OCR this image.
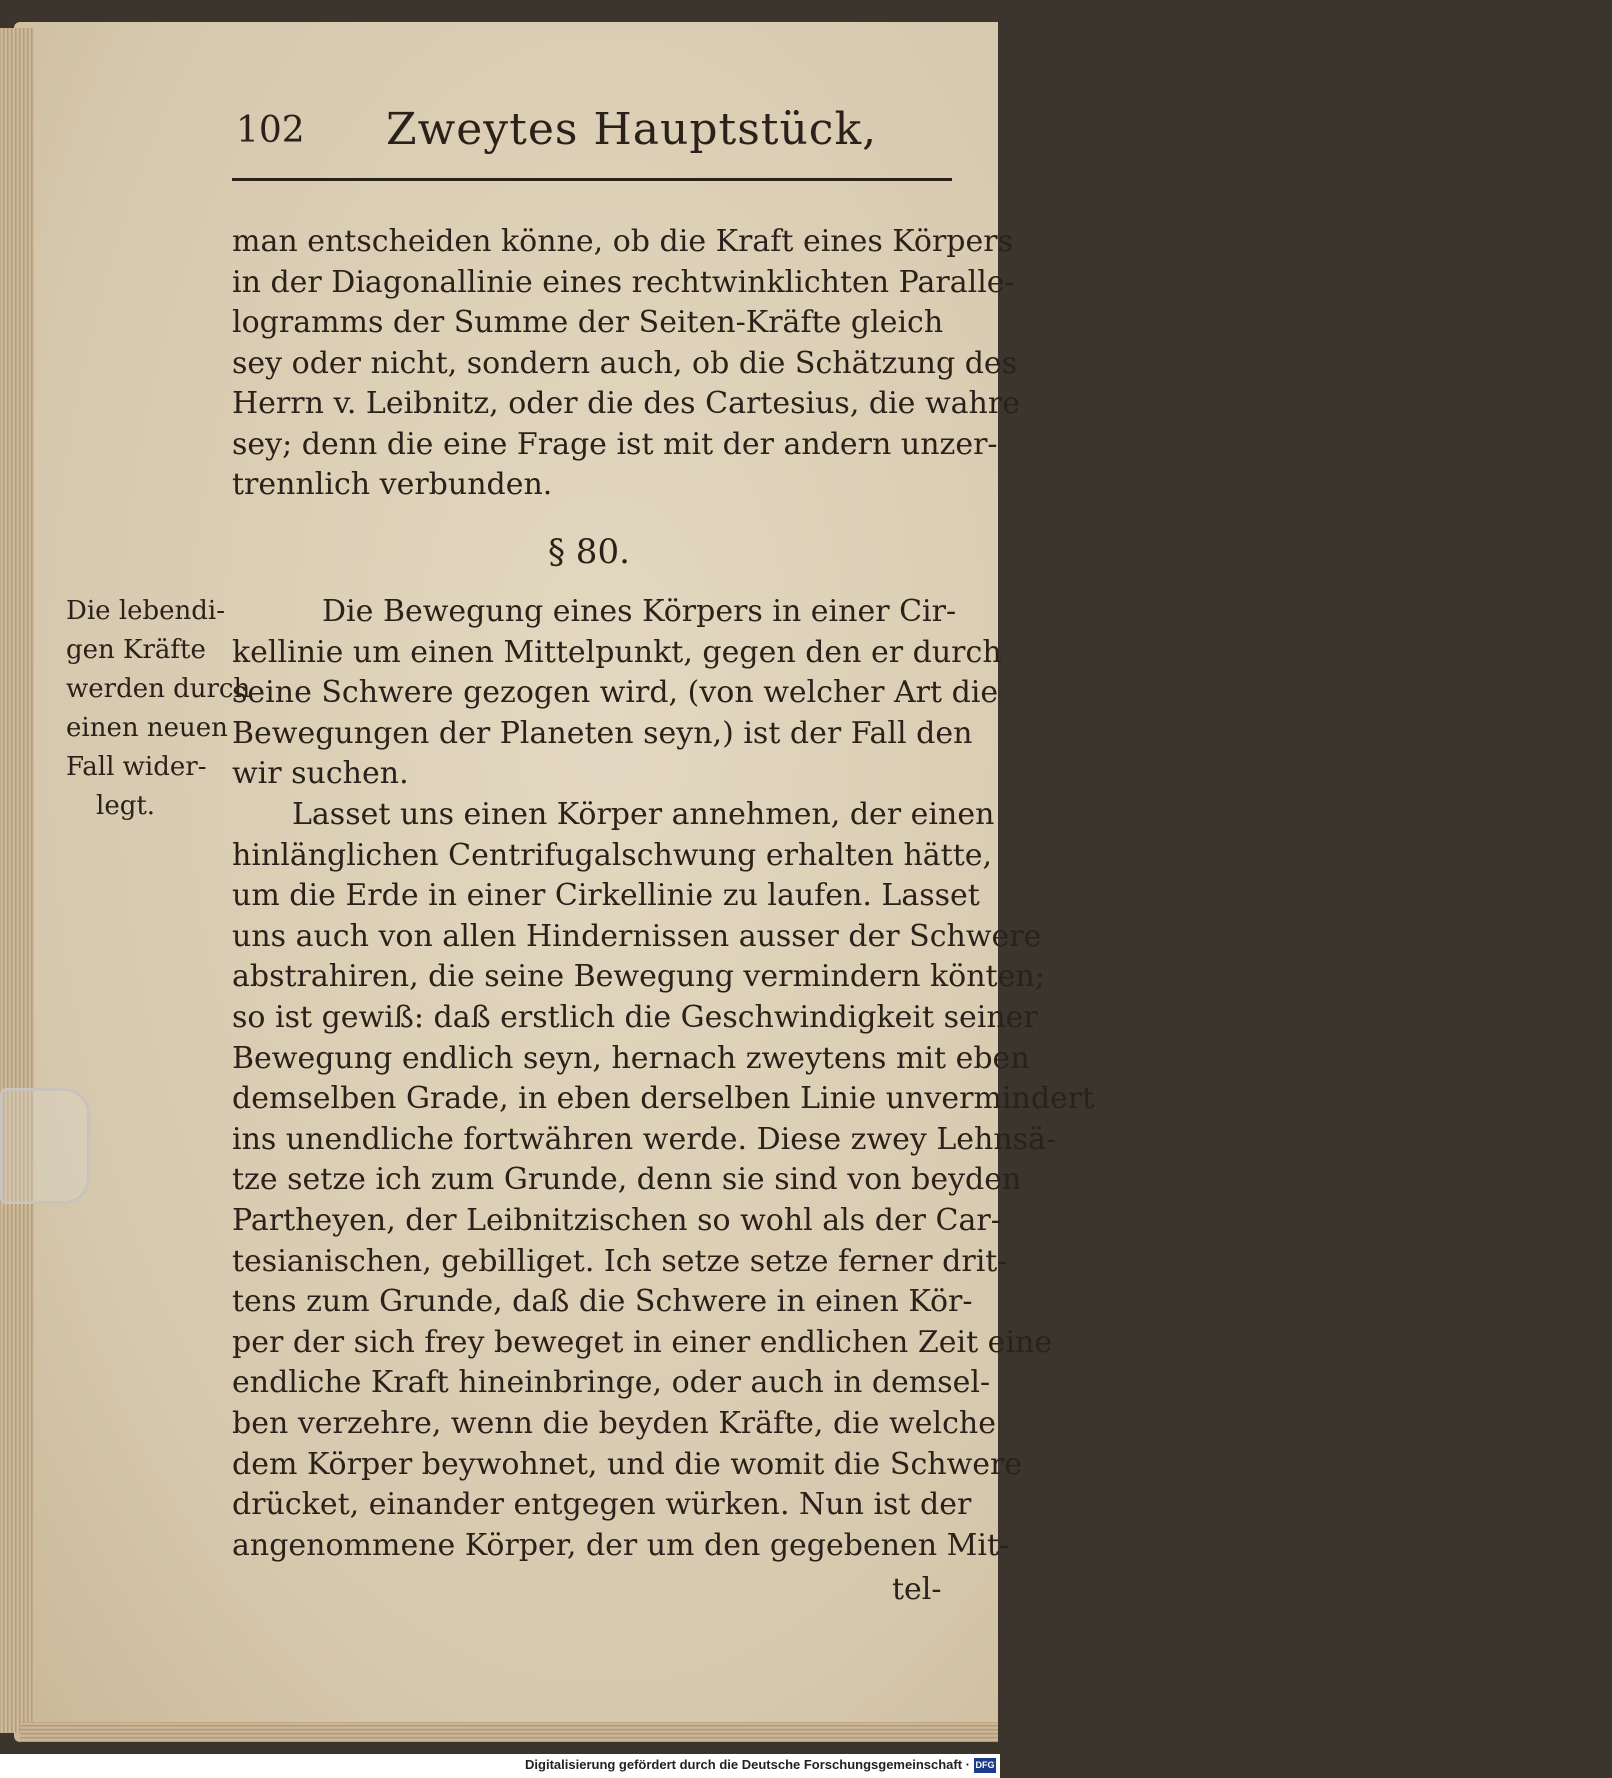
102 Zweytes Hauptstück,
man entscheiden könne, ob die Kraft eines Körpers
in der Diagonallinie eines rechtwinklichten Paralle-
logramms der Summe der Seiten-Kräfte gleich
sey oder nicht, sondern auch, ob die Schätzung des
Herrn v. Leibnitz, oder die des Cartesius, die wahre
sey; denn die eine Frage ist mit der andern unzer-
trennlich verbunden.
§ 80.
Die lebendi-
gen Kräfte
werden durch
einen neuen
Fall wider-
legt.
Die Bewegung eines Körpers in einer Cir-
kellinie um einen Mittelpunkt, gegen den er durch
seine Schwere gezogen wird, (von welcher Art die
Bewegungen der Planeten seyn,) ist der Fall den
wir suchen.
Lasset uns einen Körper annehmen, der einen
hinlänglichen Centrifugalschwung erhalten hätte,
um die Erde in einer Cirkellinie zu laufen. Lasset
uns auch von allen Hindernissen ausser der Schwere
abstrahiren, die seine Bewegung vermindern könten;
so ist gewiß: daß erstlich die Geschwindigkeit seiner
Bewegung endlich seyn, hernach zweytens mit eben
demselben Grade, in eben derselben Linie unvermindert
ins unendliche fortwähren werde. Diese zwey Lehnsä-
tze setze ich zum Grunde, denn sie sind von beyden
Partheyen, der Leibnitzischen so wohl als der Car-
tesianischen, gebilliget. Ich setze setze ferner drit-
tens zum Grunde, daß die Schwere in einen Kör-
per der sich frey beweget in einer endlichen Zeit eine
endliche Kraft hineinbringe, oder auch in demsel-
ben verzehre, wenn die beyden Kräfte, die welche
dem Körper beywohnet, und die womit die Schwere
drücket, einander entgegen würken. Nun ist der
angenommene Körper, der um den gegebenen Mit-
tel-
Digitalisierung gefördert durch die Deutsche Forschungsgemeinschaft · DFG
